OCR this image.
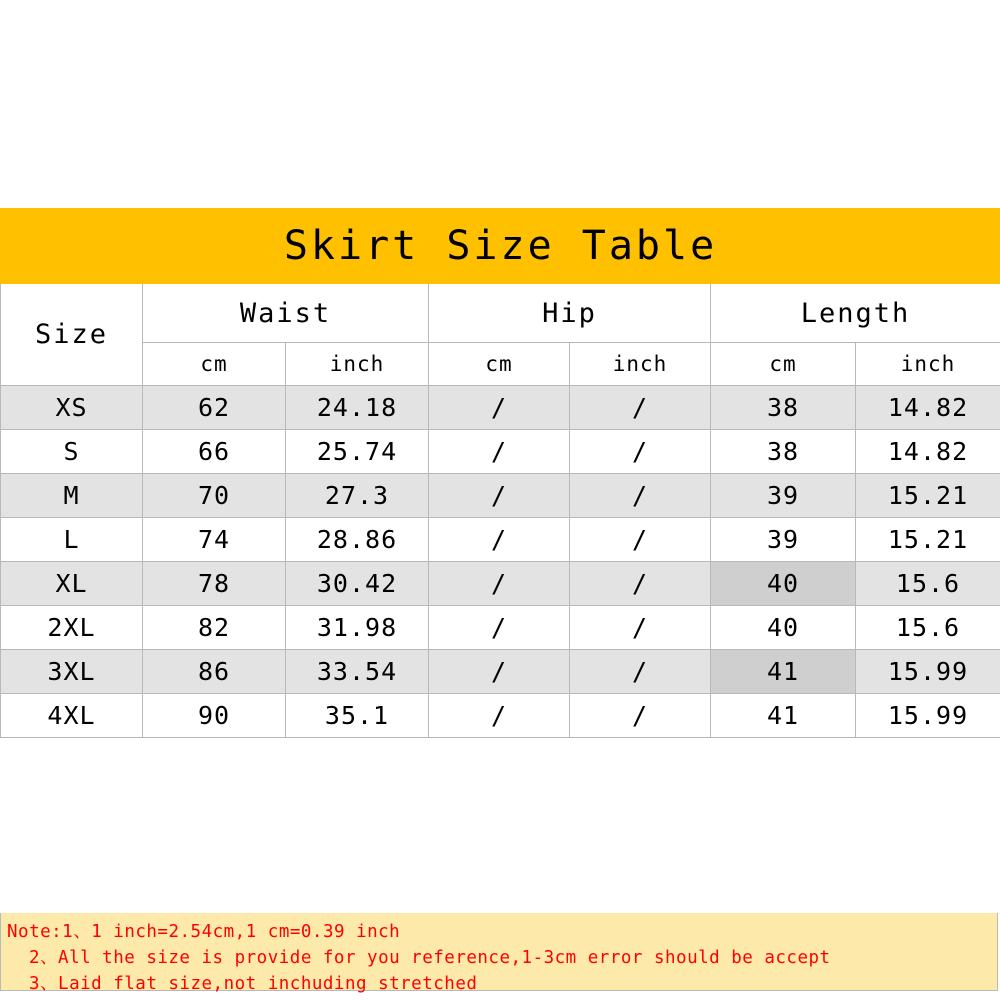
Skirt Size Table						
Size	Waist		Hip		Length	
	cm	inch	cm	inch	cm	inch
XS	62	24.18	/	/	38	14.82
S	66	25.74	/	/	38	14.82
M	70	27.3	/	/	39	15.21
L	74	28.86	/	/	39	15.21
XL	78	30.42	/	/	40	15.6
2XL	82	31.98	/	/	40	15.6
3XL	86	33.54	/	/	41	15.99
4XL	90	35.1	/	/	41	15.99
Note:1、1 inch=2.54cm,1 cm=0.39 inch
2、All the size is provide for you reference,1-3cm error should be accept
3、Laid flat size,not inchuding stretched
